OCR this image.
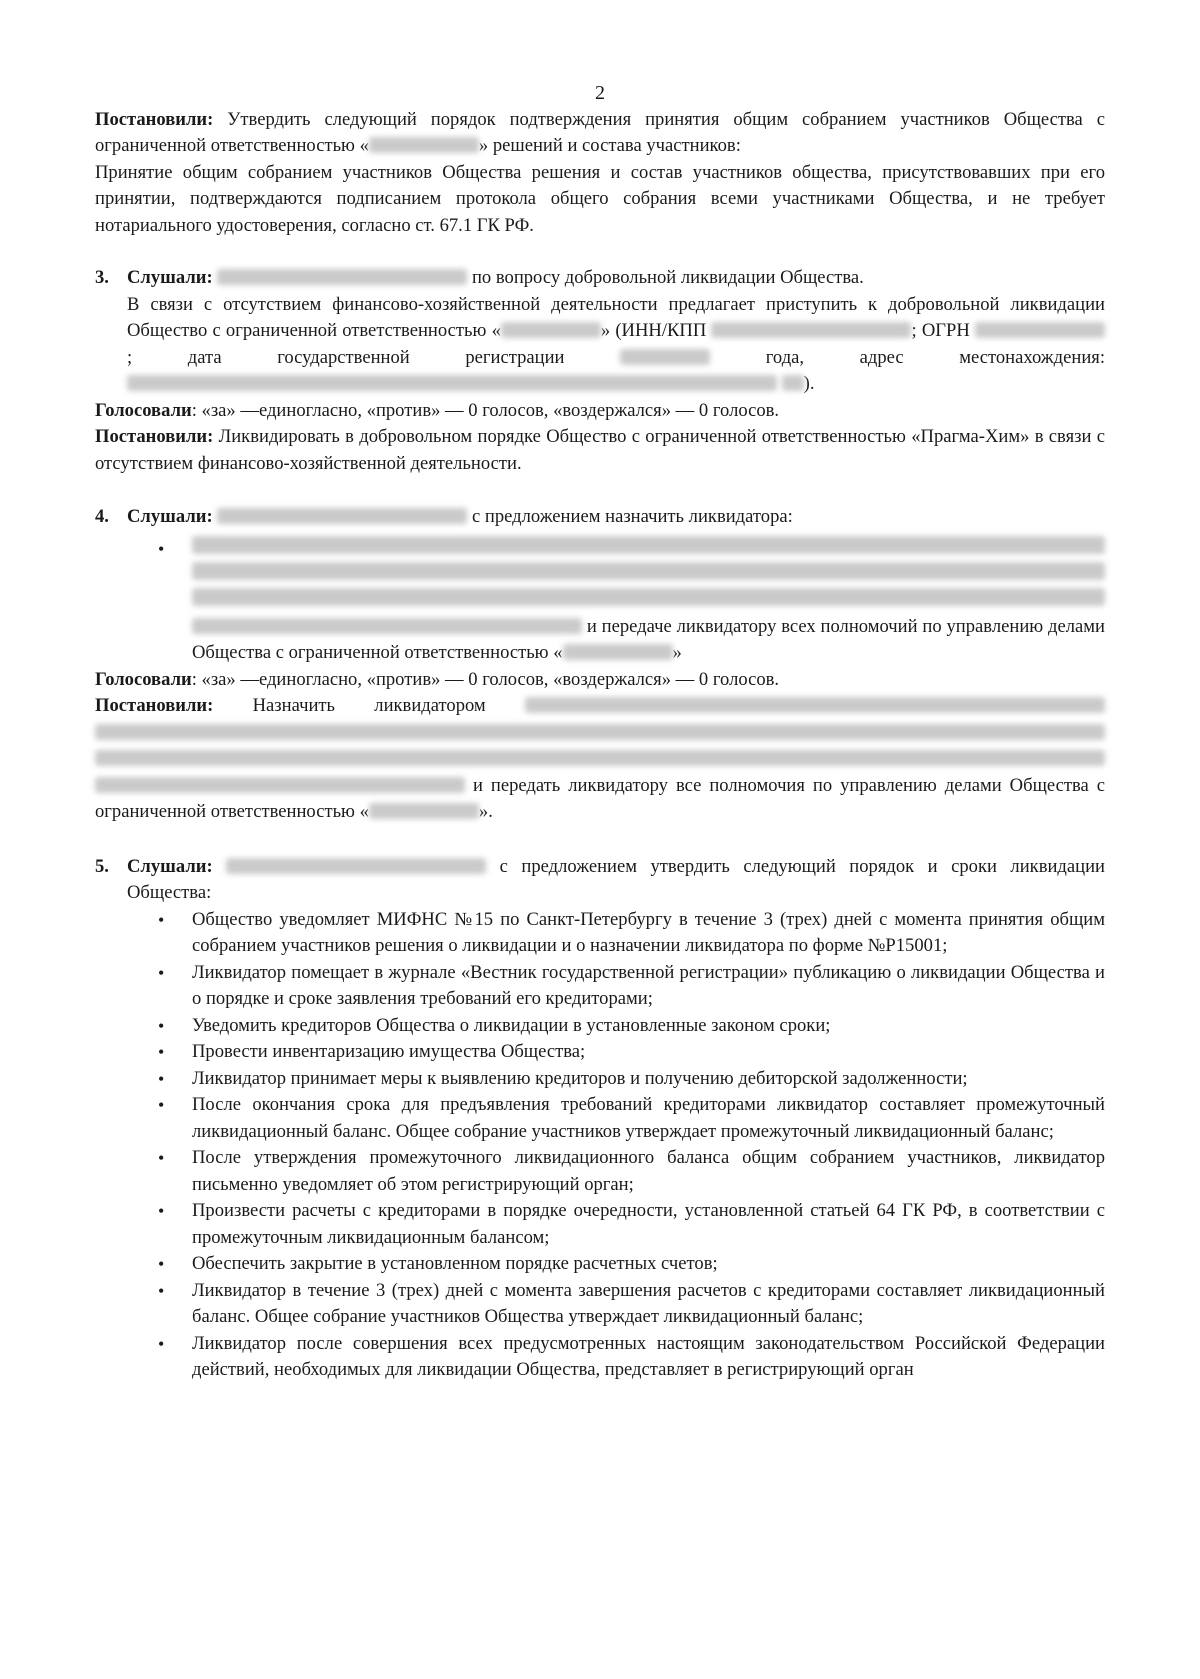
2

Постановили: Утвердить следующий порядок подтверждения принятия общим собранием участников Общества с ограниченной ответственностью «	» решений и состава участников:

Принятие общим собранием участников Общества решения и состав участников общества, присутствовавших при его принятии, подтверждаются подписанием протокола общего собрания всеми участниками Общества, и не требует нотариального удостоверения, согласно ст. 67.1 ГК РФ.

3. Слушали:	по вопросу добровольной ликвидации Общества.

В связи с отсутствием финансово-хозяйственной деятельности предлагает приступить к добровольной ликвидации Общество с ограниченной ответственностью «	» (ИНН/КПП	; ОГРН ; дата государственной регистрации	года, адрес местонахождения:  ).

Голосовали: «за» —единогласно, «против» — 0 голосов, «воздержался» — 0 голосов.

Постановили: Ликвидировать в добровольном порядке Общество с ограниченной ответственностью «Прагма-Хим» в связи с отсутствием финансово-хозяйственной деятельности.

4. Слушали:	с предложением назначить ликвидатора:

• и передаче ликвидатору всех полномочий по управлению делами Общества с ограниченной ответственностью «	»

Голосовали: «за» —единогласно, «против» — 0 голосов, «воздержался» — 0 голосов.

Постановили: Назначить ликвидатором     и передать ликвидатору все полномочия по управлению делами Общества с ограниченной ответственностью «	».

5. Слушали:	с предложением утвердить следующий порядок и сроки ликвидации Общества:

• Общество уведомляет МИФНС №15 по Санкт-Петербургу в течение 3 (трех) дней с момента принятия общим собранием участников решения о ликвидации и о назначении ликвидатора по форме №Р15001;
• Ликвидатор помещает в журнале «Вестник государственной регистрации» публикацию о ликвидации Общества и о порядке и сроке заявления требований его кредиторами;
• Уведомить кредиторов Общества о ликвидации в установленные законом сроки;
• Провести инвентаризацию имущества Общества;
• Ликвидатор принимает меры к выявлению кредиторов и получению дебиторской задолженности;
• После окончания срока для предъявления требований кредиторами ликвидатор составляет промежуточный ликвидационный баланс. Общее собрание участников утверждает промежуточный ликвидационный баланс;
• После утверждения промежуточного ликвидационного баланса общим собранием участников, ликвидатор письменно уведомляет об этом регистрирующий орган;
• Произвести расчеты с кредиторами в порядке очередности, установленной статьей 64 ГК РФ, в соответствии с промежуточным ликвидационным балансом;
• Обеспечить закрытие в установленном порядке расчетных счетов;
• Ликвидатор в течение 3 (трех) дней с момента завершения расчетов с кредиторами составляет ликвидационный баланс. Общее собрание участников Общества утверждает ликвидационный баланс;
• Ликвидатор после совершения всех предусмотренных настоящим законодательством Российской Федерации действий, необходимых для ликвидации Общества, представляет в регистрирующий орган
